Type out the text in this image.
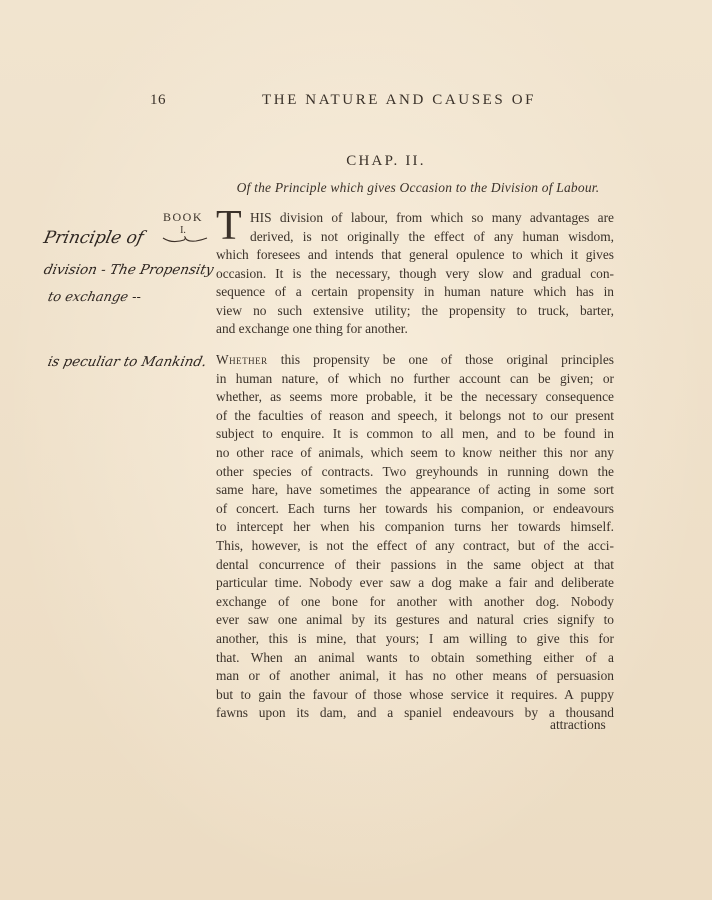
16	THE NATURE AND CAUSES OF
CHAP. II.
Of the Principle which gives Occasion to the Division of Labour.
BOOK
I.
Principle of
division - The Propensity
to exchange --
is peculiar to Mankind.
T HIS division of labour, from which so many advantages are
derived, is not originally the effect of any human wisdom,
which foresees and intends that general opulence to which it gives
occasion. It is the necessary, though very slow and gradual con-
sequence of a certain propensity in human nature which has in
view no such extensive utility; the propensity to truck, barter,
and exchange one thing for another.
Whether this propensity be one of those original principles
in human nature, of which no further account can be given; or
whether, as seems more probable, it be the necessary consequence
of the faculties of reason and speech, it belongs not to our present
subject to enquire. It is common to all men, and to be found in
no other race of animals, which seem to know neither this nor any
other species of contracts. Two greyhounds in running down the
same hare, have sometimes the appearance of acting in some sort
of concert. Each turns her towards his companion, or endeavours
to intercept her when his companion turns her towards himself.
This, however, is not the effect of any contract, but of the acci-
dental concurrence of their passions in the same object at that
particular time. Nobody ever saw a dog make a fair and deliberate
exchange of one bone for another with another dog. Nobody
ever saw one animal by its gestures and natural cries signify to
another, this is mine, that yours; I am willing to give this for
that. When an animal wants to obtain something either of a
man or of another animal, it has no other means of persuasion
but to gain the favour of those whose service it requires. A puppy
fawns upon its dam, and a spaniel endeavours by a thousand
attractions
